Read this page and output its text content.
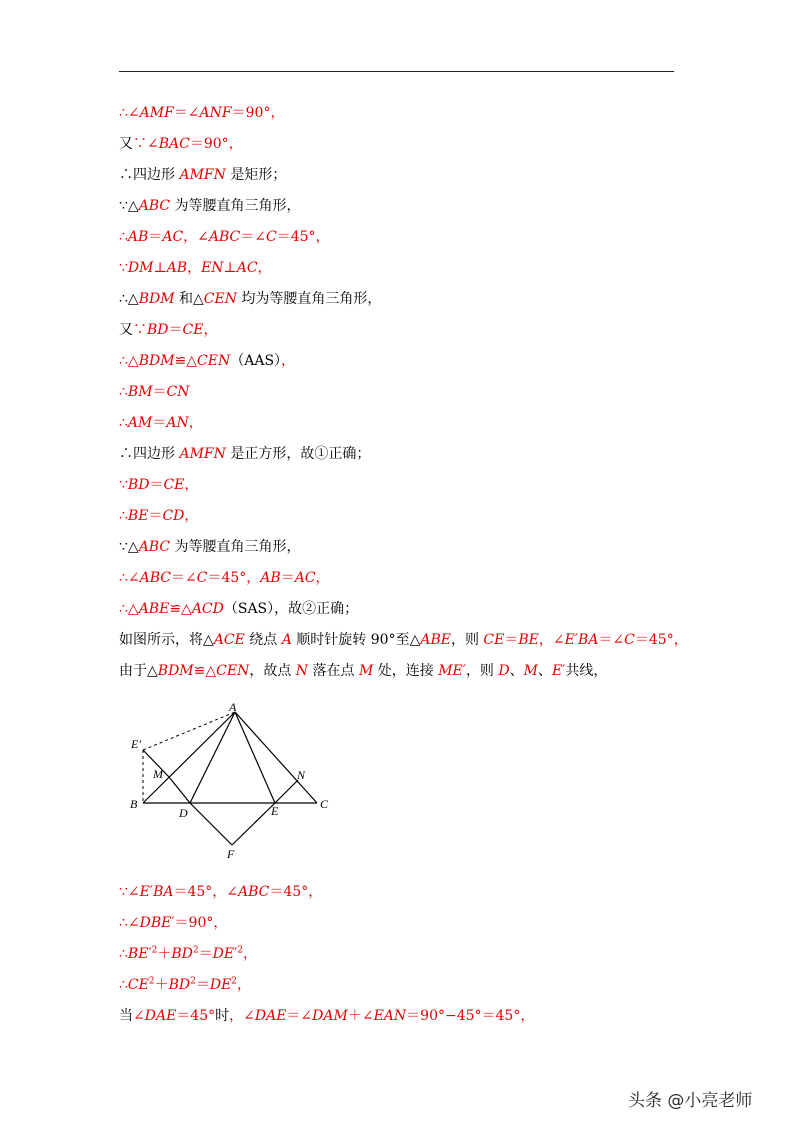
∴∠AMF＝∠ANF＝90°，
又∵∠BAC＝90°，
∴四边形 AMFN 是矩形；
∵△ABC 为等腰直角三角形，
∴AB＝AC，∠ABC＝∠C＝45°，
∵DM⊥AB，EN⊥AC，
∴△BDM 和△CEN 均为等腰直角三角形，
又∵BD＝CE，
∴△BDM≌△CEN（AAS），
∴BM＝CN
∴AM＝AN，
∴四边形 AMFN 是正方形，故①正确；
∵BD＝CE，
∴BE＝CD，
∵△ABC 为等腰直角三角形，
∴∠ABC＝∠C＝45°，AB＝AC，
∴△ABE≌△ACD（SAS），故②正确；
如图所示，将△ACE 绕点 A 顺时针旋转 90°至△ABE，则 CE＝BE，∠E′BA＝∠C＝45°，
由于△BDM≌△CEN，故点 N 落在点 M 处，连接 ME′，则 D、M、E′共线，
A
E′
M	N
B
D	E	C
F
∵∠E′BA＝45°，∠ABC＝45°，
∴∠DBE′＝90°，
$\therefore BE'^2+BD^2=DE'^2$，
$\therefore CE^2+BD^2=DE^2$，
当∠DAE＝45°时，∠DAE＝∠DAM＋∠EAN＝90°−45°＝45°，
头条 @小亮老师
